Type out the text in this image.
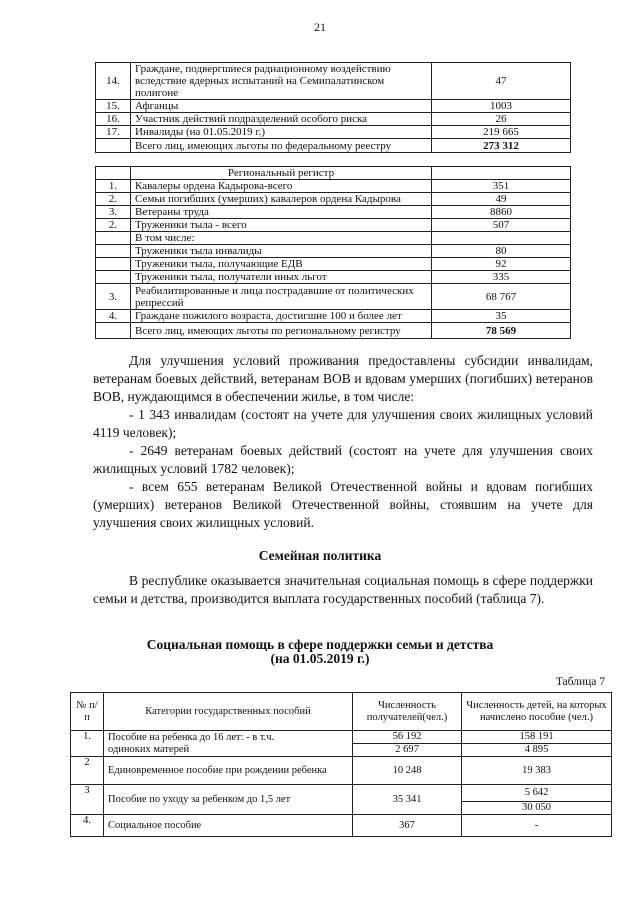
21
14.	Граждане, подвергшиеся радиационному воздействию вследствие ядерных испытаний на Семипалатинском полигоне	47
15.	Афганцы	1003
16.	Участник действий подразделений особого риска	26
17.	Инвалиды (на 01.05.2019 г.)	219 665
	Всего лиц, имеющих льготы по федеральному реестру	273 312
	Региональный регистр	
1.	Кавалеры ордена Кадырова-всего	351
2.	Семьи погибших (умерших) кавалеров ордена Кадырова	49
3.	Ветераны труда	8860
2.	Труженики тыла - всего	507
	В том числе:	
	Труженики тыла инвалиды	80
	Труженики тыла, получающие ЕДВ	92
	Труженики тыла, получатели иных льгот	335
3.	Реабилитированные и лица пострадавшие от политических репрессий	68 767
4.	Граждане пожилого возраста, достигшие 100 и более лет	35
	Всего лиц, имеющих льготы по региональному регистру	78 569

Для улучшения условий проживания предоставлены субсидии инвалидам, ветеранам боевых действий, ветеранам ВОВ и вдовам умерших (погибших) ветеранов ВОВ, нуждающимся в обеспечении жилье, в том числе:

- 1 343 инвалидам (состоят на учете для улучшения своих жилищных условий 4119 человек);

- 2649 ветеранам боевых действий (состоят на учете для улучшения своих жилищных условий 1782 человек);

- всем 655 ветеранам Великой Отечественной войны и вдовам погибших (умерших) ветеранов Великой Отечественной войны, стоявшим на учете для улучшения своих жилищных условий.

Семейная политика

В республике оказывается значительная социальная помощь в сфере поддержки семьи и детства, производится выплата государственных пособий (таблица 7).

Социальная помощь в сфере поддержки семьи и детства
(на 01.05.2019 г.)
Таблица 7
№ п/п	Категории государственных пособий	Численность получателей(чел.)	Численность детей, на которых начислено пособие (чел.)
1.	Пособие на ребенка до 16 лет: - в т.ч.
одиноких матерей	56 192	158 191
		2 697	4 895
2	Единовременное пособие при рождении ребенка	10 248	19 383
3	Пособие по уходу за ребенком до 1,5 лет	35 341	5 642
			30 050
4.	Социальное пособие	367	-
